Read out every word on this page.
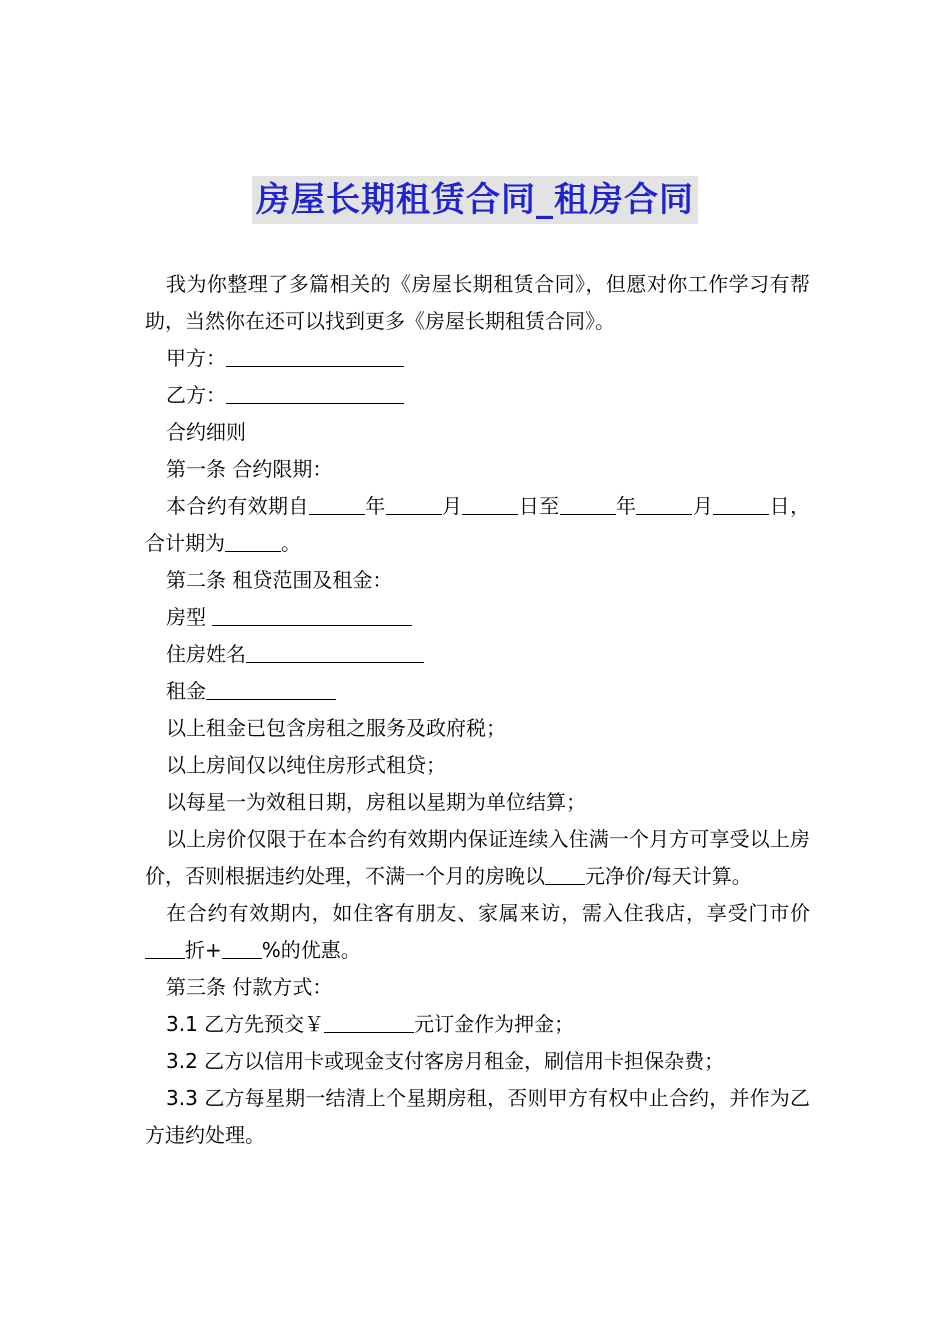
房屋长期租赁合同_租房合同

我为你整理了多篇相关的《房屋长期租赁合同》，但愿对你工作学习有帮助，当然你在还可以找到更多《房屋长期租赁合同》。

甲方：

乙方：

合约细则

第一条 合约限期：

本合约有效期自	年	月	日至	年	月	日，合计期为	。

第二条 租贷范围及租金：

房型

住房姓名

租金

以上租金已包含房租之服务及政府税；

以上房间仅以纯住房形式租贷；

以每星一为效租日期，房租以星期为单位结算；

以上房价仅限于在本合约有效期内保证连续入住满一个月方可享受以上房价，否则根据违约处理，不满一个月的房晚以 元净价/每天计算。

在合约有效期内，如住客有朋友、家属来访，需入住我店，享受门市价折+ %的优惠。

第三条 付款方式：

3.1 乙方先预交￥	元订金作为押金；

3.2 乙方以信用卡或现金支付客房月租金，刷信用卡担保杂费；

3.3 乙方每星期一结清上个星期房租，否则甲方有权中止合约，并作为乙方违约处理。
